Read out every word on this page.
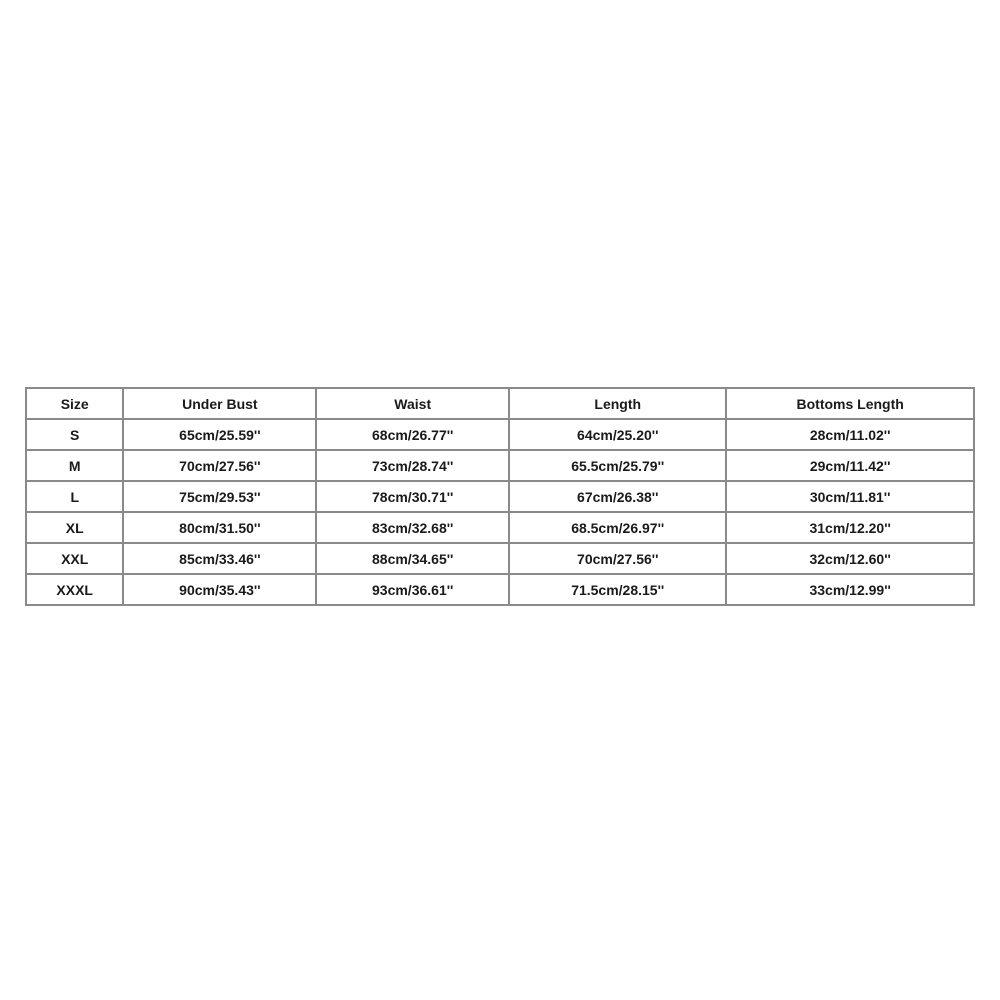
Size	Under Bust	Waist	Length	Bottoms Length
S	65cm/25.59''	68cm/26.77''	64cm/25.20''	28cm/11.02''
M	70cm/27.56''	73cm/28.74''	65.5cm/25.79''	29cm/11.42''
L	75cm/29.53''	78cm/30.71''	67cm/26.38''	30cm/11.81''
XL	80cm/31.50''	83cm/32.68''	68.5cm/26.97''	31cm/12.20''
XXL	85cm/33.46''	88cm/34.65''	70cm/27.56''	32cm/12.60''
XXXL	90cm/35.43''	93cm/36.61''	71.5cm/28.15''	33cm/12.99''
